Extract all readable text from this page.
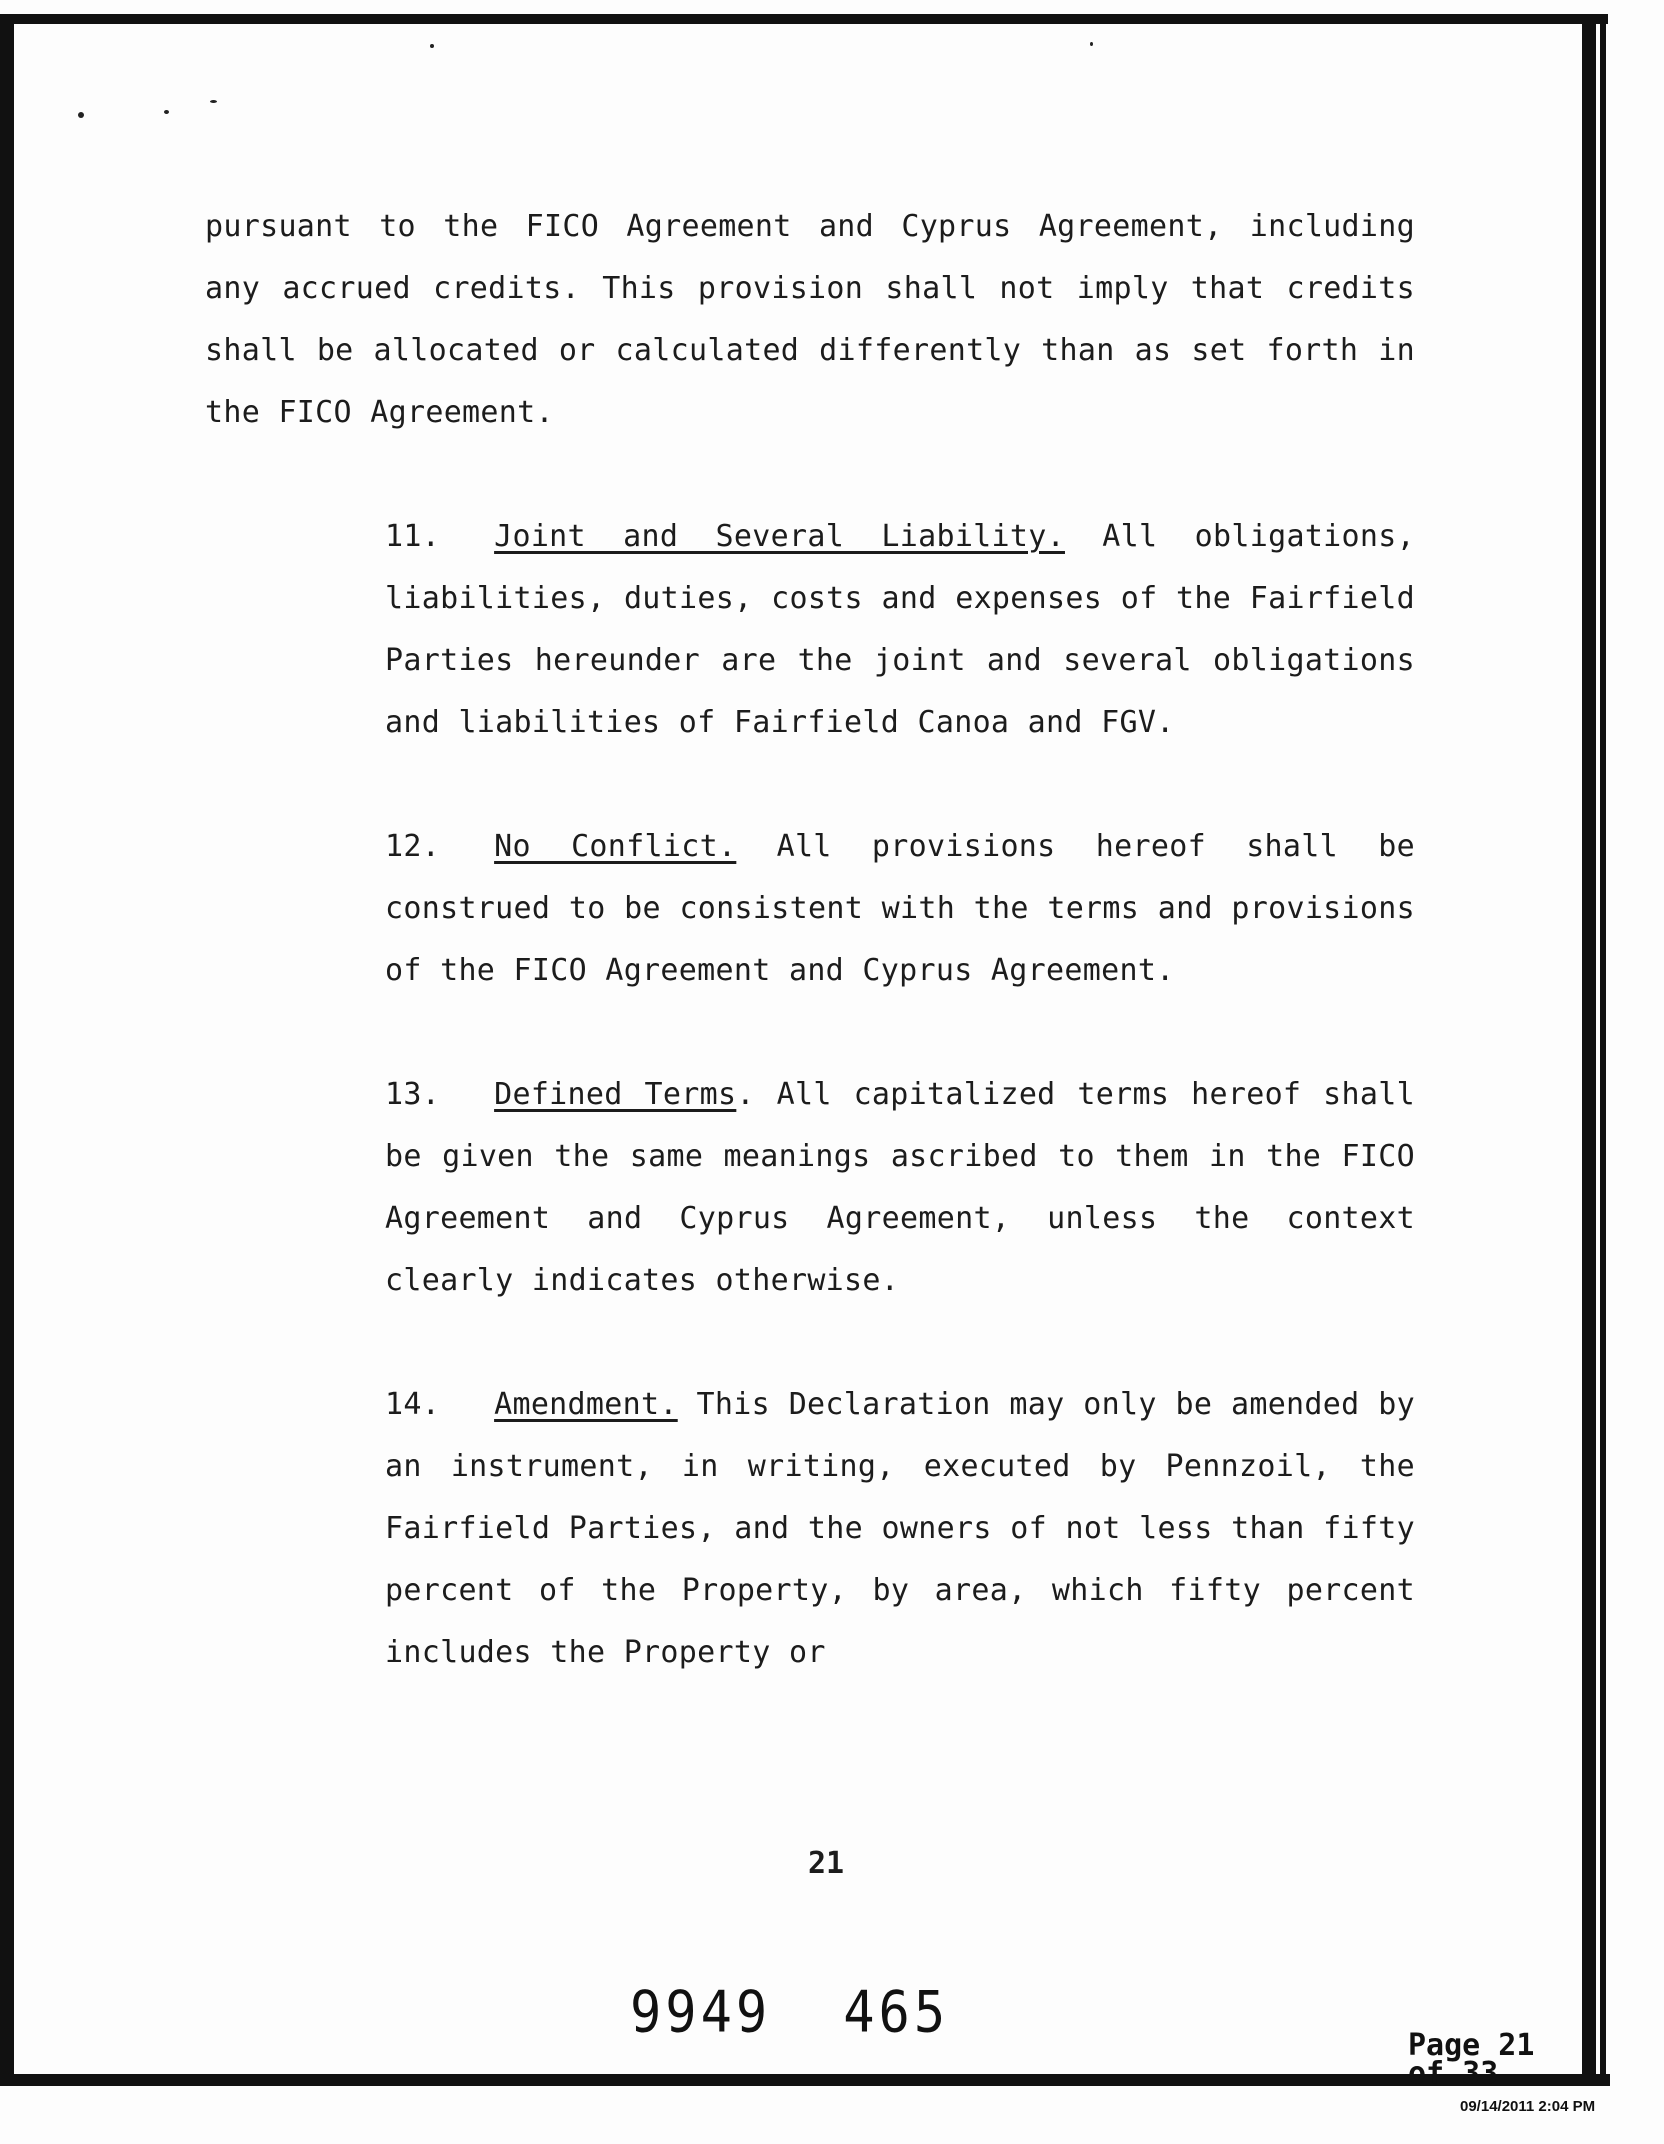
pursuant to the FICO Agreement and Cyprus Agreement, including any accrued credits. This provision shall not imply that credits shall be allocated or calculated differently than as set forth in the FICO Agreement.

11. Joint and Several Liability. All obligations, liabilities, duties, costs and expenses of the Fairfield Parties hereunder are the joint and several obligations and liabilities of Fairfield Canoa and FGV.

12. No Conflict. All provisions hereof shall be construed to be consistent with the terms and provisions of the FICO Agreement and Cyprus Agreement.

13. Defined Terms. All capitalized terms hereof shall be given the same meanings ascribed to them in the FICO Agreement and Cyprus Agreement, unless the context clearly indicates otherwise.

14. Amendment. This Declaration may only be amended by an instrument, in writing, executed by Pennzoil, the Fairfield Parties, and the owners of not less than fifty percent of the Property, by area, which fifty percent includes the Property or

21
9949 465	Page 21 of 33
09/14/2011 2:04 PM
